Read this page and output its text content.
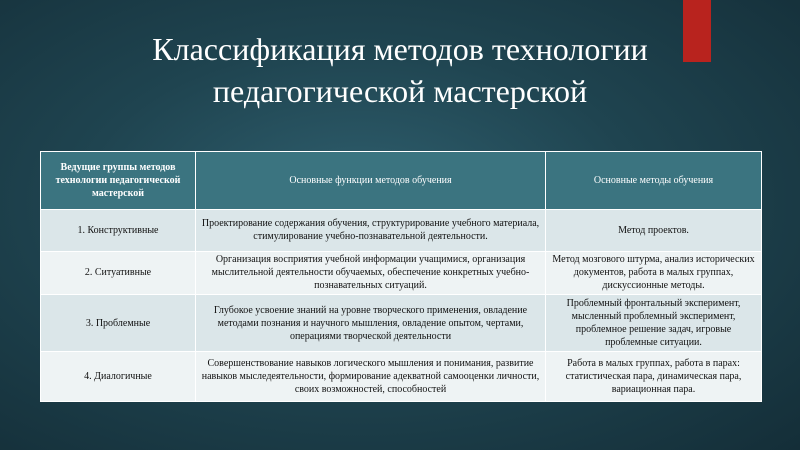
Классификация методов технологии
педагогической мастерской
Ведущие группы методов технологии педагогической мастерской	Основные функции методов обучения	Основные методы обучения
1. Конструктивные	Проектирование содержания обучения, структурирование учебного материала, стимулирование учебно-познавательной деятельности.	Метод проектов.
2. Ситуативные	Организация восприятия учебной информации учащимися, организация мыслительной деятельности обучаемых, обеспечение конкретных учебно-познавательных ситуаций.	Метод мозгового штурма, анализ исторических документов, работа в малых группах, дискуссионные методы.
3. Проблемные	Глубокое усвоение знаний на уровне творческого применения, овладение методами познания и научного мышления, овладение опытом, чертами, операциями творческой деятельности	Проблемный фронтальный эксперимент, мысленный проблемный эксперимент, проблемное решение задач, игровые проблемные ситуации.
4. Диалогичные	Совершенствование навыков логического мышления и понимания, развитие навыков мыследеятельности, формирование адекватной самооценки личности, своих возможностей, способностей	Работа в малых группах, работа в парах: статистическая пара, динамическая пара, вариационная пара.
